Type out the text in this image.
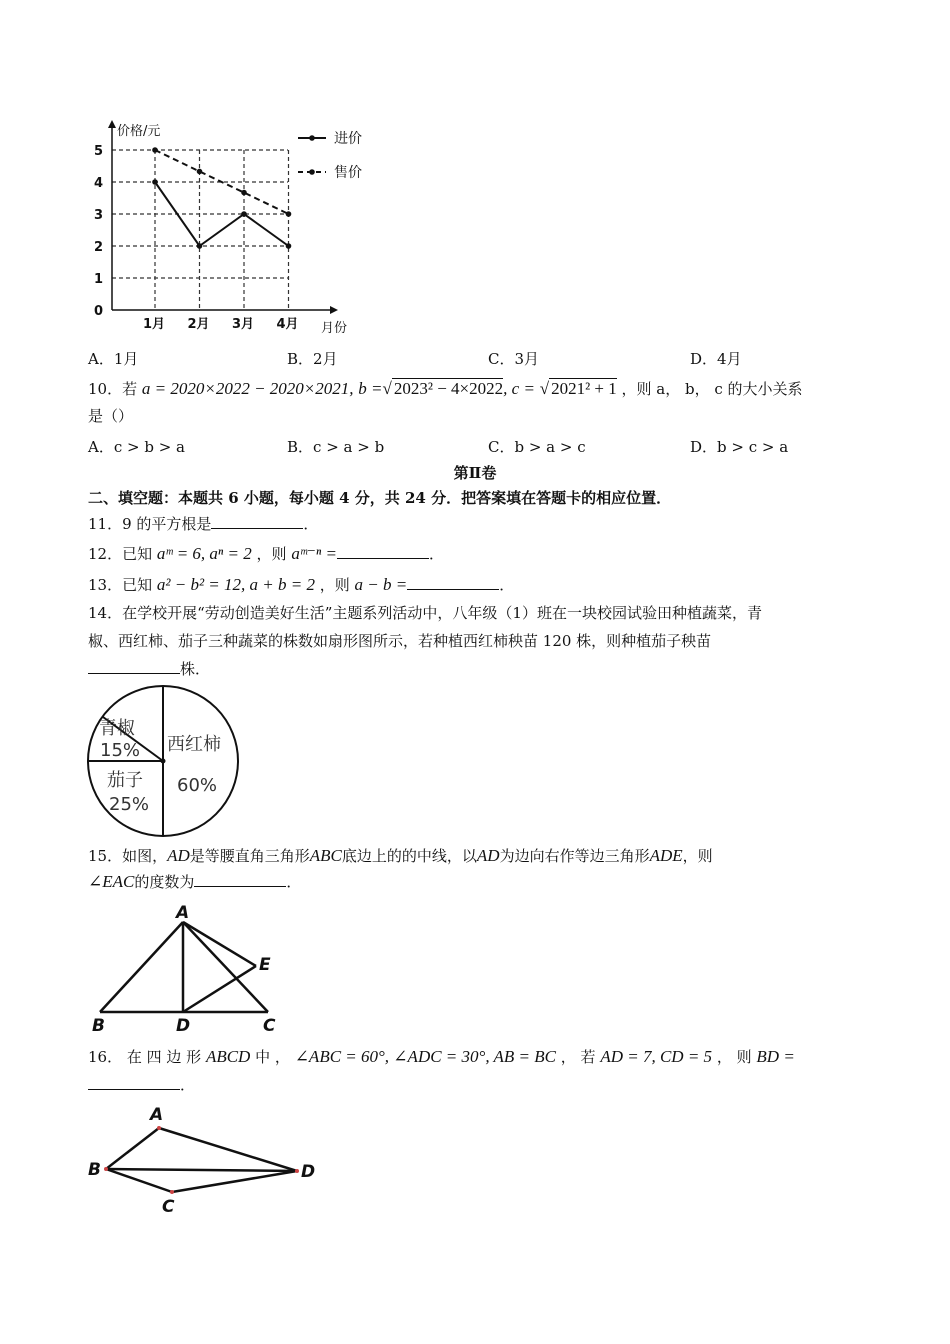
价格/元
月份
0
1
2
3
4
5
1月 2月 3月 4月
进价
售价
A．1月	B．2月	C．3月	D．4月
10．若 a = 2020×2022 − 2020×2021, b =√ 2023² − 4×2022, c = √ 2021² + 1 ，则 a， b， c 的大小关系
是（）
A．c > b > a	B．c > a > b	C．b > a > c	D．b > c > a
第Ⅱ卷
二、填空题：本题共 6 小题，每小题 4 分，共 24 分．把答案填在答题卡的相应位置．
11．9 的平方根是	．
12．已知 aᵐ = 6, aⁿ = 2 ，则 aᵐ⁻ⁿ =	．
13．已知 a² − b² = 12, a + b = 2 ，则 a − b =	．
14．在学校开展“劳动创造美好生活”主题系列活动中，八年级（1）班在一块校园试验田种植蔬菜，青
椒、西红柿、茄子三种蔬菜的株数如扇形图所示，若种植西红柿秧苗 120 株，则种植茄子秧苗
株．
青椒
15% 西红柿
60%
茄子
25%
15．如图，AD是等腰直角三角形ABC底边上的的中线，以AD为边向右作等边三角形ADE，则
∠EAC的度数为	．
A
B	D	C
E
16． 在 四 边 形 ABCD 中 ， ∠ABC = 60°, ∠ADC = 30°, AB = BC ， 若 AD = 7, CD = 5 ， 则 BD =
．
A
B
C
D
